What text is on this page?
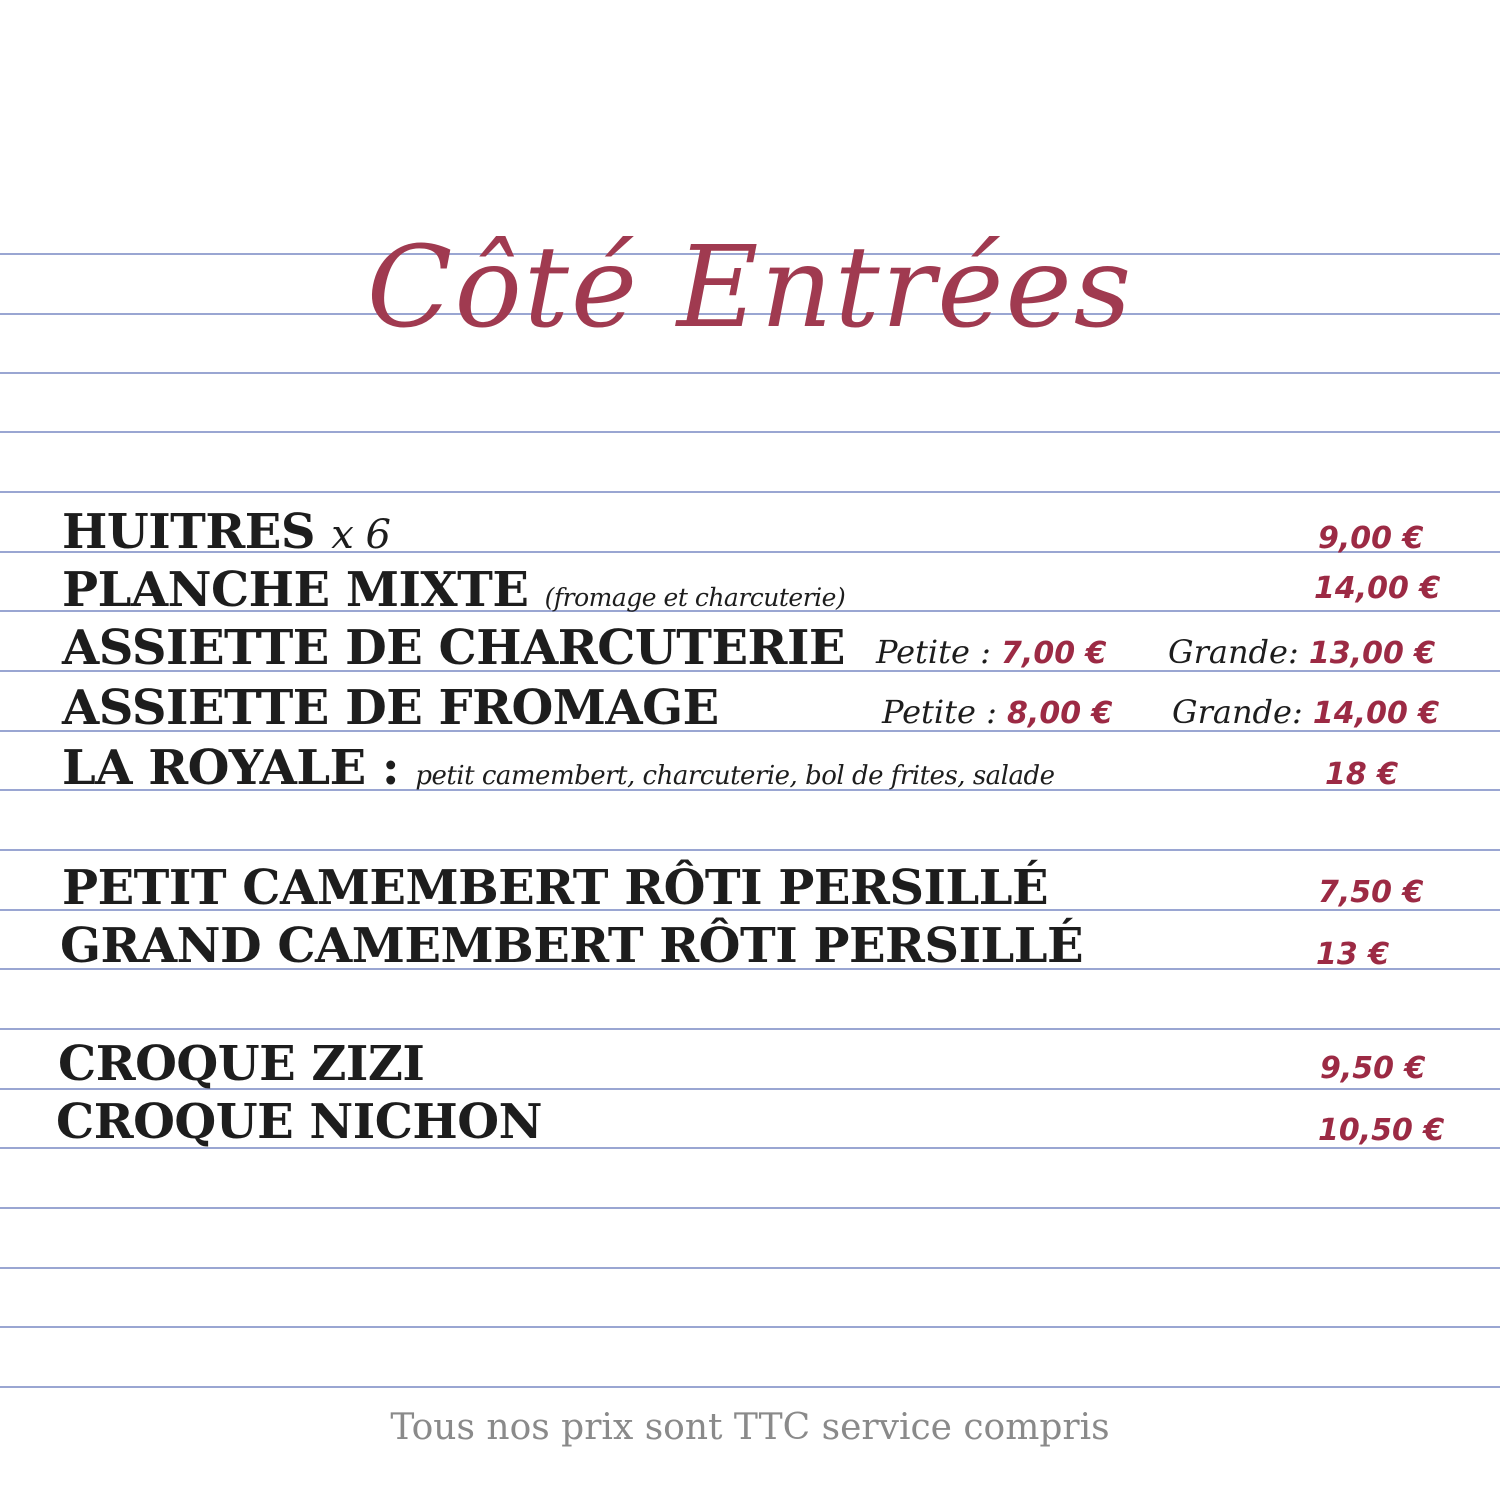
Côté Entrées
HUITRES x 6	9,00 €
PLANCHE MIXTE (fromage et charcuterie)	14,00 €
ASSIETTE DE CHARCUTERIE Petite : 7,00 € Grande: 13,00 €
ASSIETTE DE FROMAGE	Petite : 8,00 € Grande: 14,00 €
LA ROYALE : petit camembert, charcuterie, bol de frites, salade	18 €
PETIT CAMEMBERT RÔTI PERSILLÉ	7,50 €
GRAND CAMEMBERT RÔTI PERSILLÉ	13 €
CROQUE ZIZI	9,50 €
CROQUE NICHON	10,50 €
Tous nos prix sont TTC service compris
